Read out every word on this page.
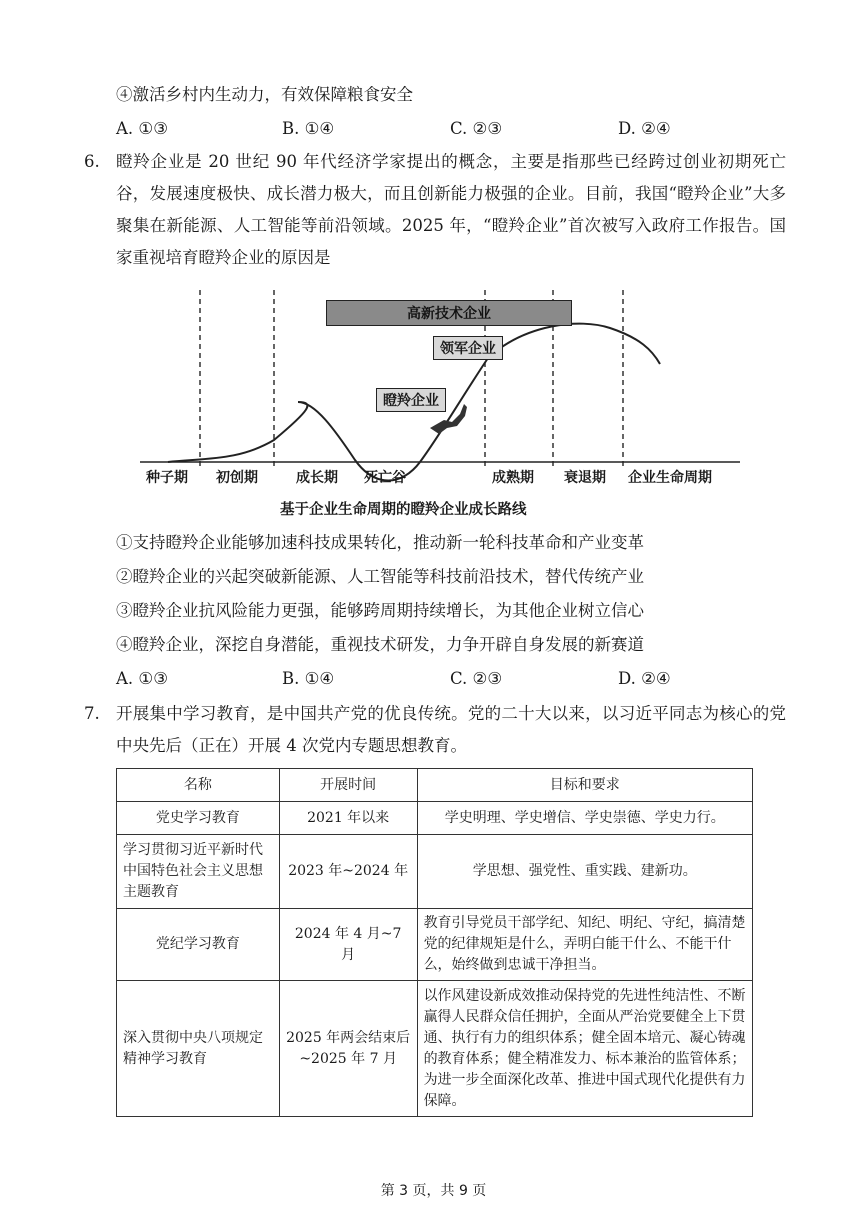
④激活乡村内生动力，有效保障粮食安全
A. ①③	B. ①④	C. ②③	D. ②④
6. 瞪羚企业是 20 世纪 90 年代经济学家提出的概念，主要是指那些已经跨过创业初期死亡谷，发展速度极快、成长潜力极大，而且创新能力极强的企业。目前，我国“瞪羚企业”大多聚集在新能源、人工智能等前沿领域。2025 年，“瞪羚企业”首次被写入政府工作报告。国家重视培育瞪羚企业的原因是
高新技术企业
领军企业
瞪羚企业
种子期 初创期	成长期 死亡谷	成熟期 衰退期 企业生命周期
基于企业生命周期的瞪羚企业成长路线
①支持瞪羚企业能够加速科技成果转化，推动新一轮科技革命和产业变革
②瞪羚企业的兴起突破新能源、人工智能等科技前沿技术，替代传统产业
③瞪羚企业抗风险能力更强，能够跨周期持续增长，为其他企业树立信心
④瞪羚企业，深挖自身潜能，重视技术研发，力争开辟自身发展的新赛道
A. ①③	B. ①④	C. ②③	D. ②④
7. 开展集中学习教育，是中国共产党的优良传统。党的二十大以来，以习近平同志为核心的党中央先后（正在）开展 4 次党内专题思想教育。
名称	开展时间	目标和要求
党史学习教育	2021 年以来	学史明理、学史增信、学史崇德、学史力行。
学习贯彻习近平新时代中国特色社会主义思想主题教育	2023 年~2024 年	学思想、强党性、重实践、建新功。
党纪学习教育	2024 年 4 月~7 月	教育引导党员干部学纪、知纪、明纪、守纪，搞清楚党的纪律规矩是什么，弄明白能干什么、不能干什么，始终做到忠诚干净担当。
深入贯彻中央八项规定精神学习教育	2025 年两会结束后~2025 年 7 月	以作风建设新成效推动保持党的先进性纯洁性、不断赢得人民群众信任拥护，全面从严治党要健全上下贯通、执行有力的组织体系；健全固本培元、凝心铸魂的教育体系；健全精准发力、标本兼治的监管体系；为进一步全面深化改革、推进中国式现代化提供有力保障。
第 3 页，共 9 页
